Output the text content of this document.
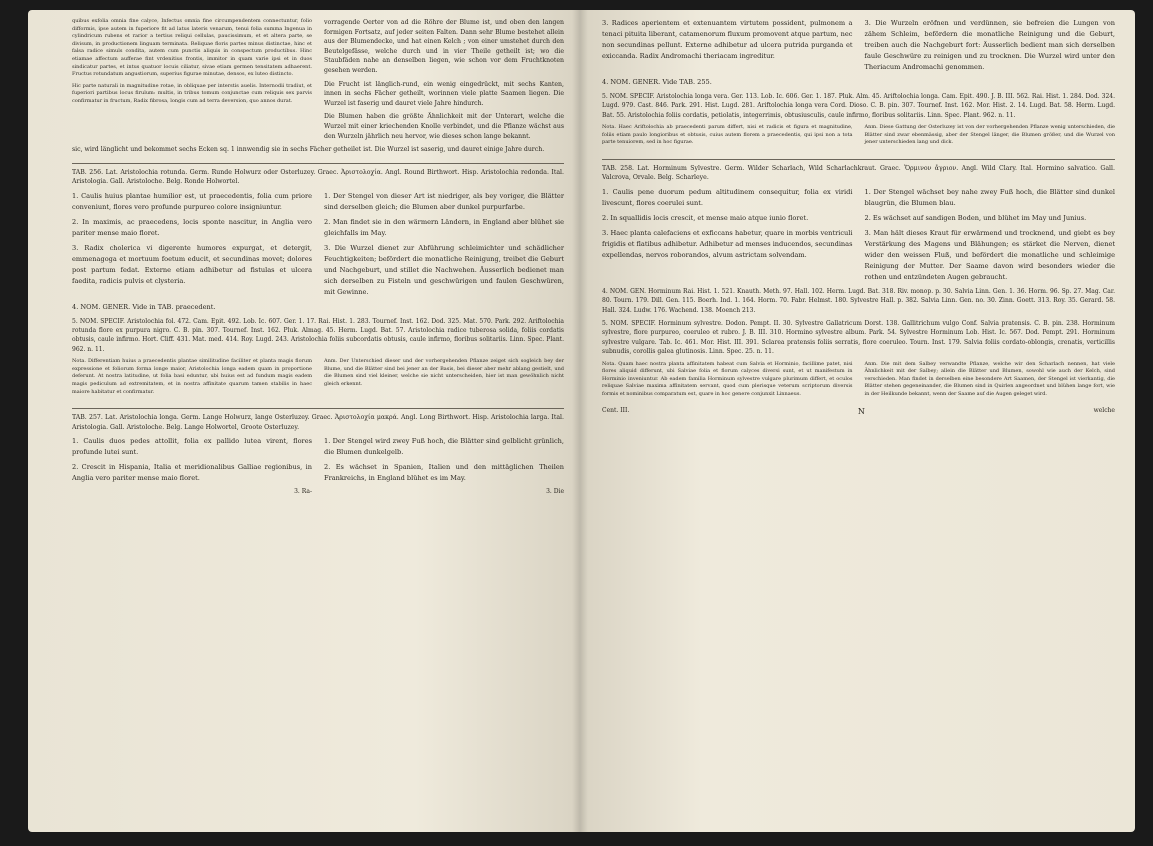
quibus exfolia omnia fine calyce, Infectus omnia fine circumpendentem connectuntur, folio difformis, ipse autem in fuperiore fit ad latus lateris venarum, tenui folia summa Ingenua in cylindricum rubens et rarior a tertius reliqui cellulas, paucissimum, et et altera parte, se divisum, in productionem linguam terminata. Reliquae floris partes minus distinctae, hinc et falsa radice simuls condita, autem cum punctis aliquis in conspectum productibus. Hinc etiamae affectum aufferae fint vrdenitius frontis, immitor in quam varie ipsi et in duos sindicatur partes, et intus quatuor locuis ciliatur, sivae etiam germen tensitatem adhaerent. Fructus rotundatum angustiorum, superius figurae minutae, densos, ex luteo distincto.

Hic parte naturali in magnitudine rotae, in obliquae per interstis auelis. Internodii tradiut, et fuperiori partibus locus firulum: multis, in tribus tomum conjunctae cum reliquis sex parvis confirmatur in fructum, Radix fibrosa, longis cum ad terra deversion, quo annos durat.

vorragende Oerter von ad die Röhre der Blume ist, und oben den langen formigen Fortsatz, auf jeder seiten Falten. Dann sehr Blume bestehet allein aus der Blumendecke, und hat einen Kelch ; von einer umstehet durch den Beutelgefässe, welche durch und in vier Theile getheilt ist; wo die Staubfäden nahe an denselben liegen, wie schon vor dem Fruchtknoten gesehen werden.

Die Frucht ist länglich-rund, ein wenig eingedrückt, mit sechs Kanten, innen in sechs Fächer getheilt, worinnen viele platte Saamen liegen. Die Wurzel ist faserig und dauret viele Jahre hindurch.

Die Blumen haben die größte Ähnlichkeit mit der Unterart, welche die Wurzel mit einer kriechenden Knolle verbindet, und die Pflanze wächst aus den Wurzeln jährlich neu hervor, wie dieses schon lange bekannt.

sic, wird länglicht und bekommet sechs Ecken sq. 1 innwendig sie in sechs Fächer getheilet ist. Die Wurzel ist saserig, und dauret einige Jahre durch.

TAB. 256. Lat. Aristolochia rotunda. Germ. Runde Holwurz oder Osterluzey. Graec. Ἀριστολοχία. Angl. Round Birthwort. Hisp. Aristolochia redonda. Ital. Aristologia. Gall. Aristoloche. Belg. Ronde Holwortel.

1. Caulis huius plantae humilior est, ut praecedentis, folia cum priore conveniunt, flores vero profunde purpureo colore insigniuntur.

2. In maximis, ac praecedens, locis sponte nascitur, in Anglia vero pariter mense maio floret.

3. Radix cholerica vi digerente humores expurgat, et detergit, emmenagoga et mortuum foetum educit, et secundinas movet; dolores post partum fedat. Externe etiam adhibetur ad fistulas et ulcera faedita, radicis pulvis et clysteria.

1. Der Stengel von dieser Art ist niedriger, als bey voriger, die Blätter sind derselben gleich; die Blumen aber dunkel purpurfarbe.

2. Man findet sie in den wärmern Ländern, in England aber blühet sie gleichfalls im May.

3. Die Wurzel dienet zur Abführung schleimichter und schädlicher Feuchtigkeiten; befördert die monatliche Reinigung, treibet die Geburt und Nachgeburt, und stillet die Nachwehen. Äusserlich bedienet man sich derselben zu Fisteln und geschwürigen und faulen Geschwüren, mit Gewinne.

4. NOM. GENER. Vide in TAB. praecedent.

5. NOM. SPECIF. Aristolochia fol. 472. Cam. Epit. 492. Lob. Ic. 607. Ger. 1. 17. Rai. Hist. 1. 283. Tournef. Inst. 162. Dod. 325. Mat. 570. Park. 292. Ariftolochia rotunda flore ex purpura nigro. C. B. pin. 307. Tournef. Inst. 162. Pluk. Almag. 45. Herm. Lugd. Bat. 57. Aristolochia radice tuberosa solida, foliis cordatis obtusis, caule infirmo. Hort. Cliff. 431. Mat. med. 414. Roy. Lugd. 243. Aristolochia foliis subcordatis obtusis, caule infirmo, floribus solitariis. Linn. Spec. Plant. 962. n. 11.

Nota. Differentiam huius a praecedentis plantae similitudine faciliter et planta magis florum expressione et foliorum forma longe maior, Aristolochia longa eadem quam in proportione deferunt. At nostra latitudine, ut folia basi eduntur, ubi huius est ad fundum magis eadem magis pediculum ad extremitatem, et in nostra affinitate quarum tamen stabilis in haec maiore habitatur et confirmatur.

Anm. Der Unterschied dieser und der vorhergehenden Pflanze zeiget sich sogleich bey der Blume, und die Blätter sind bei jener an der Basis, bei dieser aber mehr ablang gestielt, und die Blumen sind viel kleiner, welche sie nicht unterscheiden, hier ist man gewöhnlich nicht gleich erkennt.

TAB. 257. Lat. Aristolochia longa. Germ. Lange Holwurz, lange Osterluzey. Graec. Ἀριστολοχία μακρά. Angl. Long Birthwort. Hisp. Aristolochia larga. Ital. Aristologia. Gall. Aristoloche. Belg. Lange Holwortel, Groote Osterluzey.

1. Caulis duos pedes attollit, folia ex pallido lutea virent, flores profunde lutei sunt.

2. Crescit in Hispania, Italia et meridionalibus Galliae regionibus, in Anglia vero pariter mense maio floret.

3. Ra-

1. Der Stengel wird zwey Fuß hoch, die Blätter sind gelblicht grünlich, die Blumen dunkelgelb.

2. Es wächset in Spanien, Italien und den mittäglichen Theilen Frankreichs, in England blühet es im May.

3. Die

3. Radices aperientem et extenuantem virtutem possident, pulmonem a tenaci pituita liberant, catamenorum fluxum promovent atque partum, nec non secundinas pellunt. Externe adhibetur ad ulcera putrida purganda et exiccanda. Radix Andromachi theriacam ingreditur.

3. Die Wurzeln eröfnen und verdünnen, sie befreien die Lungen von zähem Schleim, befördern die monatliche Reinigung und die Geburt, treiben auch die Nachgeburt fort: Äusserlich bedient man sich derselben faule Geschwüre zu reinigen und zu trocknen. Die Wurzel wird unter den Theriacum Andromachi genommen.

4. NOM. GENER. Vide TAB. 255.

5. NOM. SPECIF. Aristolochia longa vera. Ger. 113. Lob. Ic. 606. Ger. 1. 187. Pluk. Alm. 45. Ariftolochia longa. Cam. Epit. 490. J. B. III. 562. Rai. Hist. 1. 284. Dod. 324. Lugd. 979. Cast. 846. Park. 291. Hist. Lugd. 281. Ariftolochia longa vera Cord. Dioso. C. B. pin. 307. Tournef. Inst. 162. Mor. Hist. 2. 14. Lugd. Bat. 58. Herm. Lugd. Bat. 55. Aristolochia foliis cordatis, petiolatis, integerrimis, obtusiusculis, caule infirmo, floribus solitariis. Linn. Spec. Plant. 962. n. 11.

Nota. Haec Ariftolochia ab praecedenti parum differt, nisi et radicis et figura et magnitudine, foliis etiam paulo longioribus et obtusis, cuius autem florem a praecedentis, qui ipsi non a tota parte tenuiorem, sed in hoc figurae.

Anm. Diese Gattung der Osterluzey ist von der vorhergehenden Pflanze wenig unterschieden, die Blätter sind zwar ebenmässig, aber der Stengel länger, die Blumen größer, und die Wurzel von jener unterschieden lang und dick.

TAB. 258. Lat. Horminum Sylvestre. Germ. Wilder Scharlach, Wild Scharlachkraut. Graec. Ὅρμινον ἄγριον. Angl. Wild Clary. Ital. Hormino salvatico. Gall. Valcrova, Orvale. Belg. Scharleye.

1. Caulis pene duorum pedum altitudinem consequitur, folia ex viridi livescunt, flores coerulei sunt.

2. In squallidis locis crescit, et mense maio atque iunio floret.

3. Haec planta calefaciens et exficcans habetur, quare in morbis ventriculi frigidis et flatibus adhibetur. Adhibetur ad menses inducendos, secundinas expellendas, nervos roborandos, alvum astrictam solvendam.

1. Der Stengel wächset bey nahe zwey Fuß hoch, die Blätter sind dunkel blaugrün, die Blumen blau.

2. Es wächset auf sandigen Boden, und blühet im May und Junius.

3. Man hält dieses Kraut für erwärmend und trocknend, und giebt es bey Verstärkung des Magens und Blähungen; es stärket die Nerven, dienet wider den weissen Fluß, und befördert die monatliche und schleimige Reinigung der Mutter. Der Saame davon wird besonders wieder die rothen und entzündeten Augen gebraucht.

4. NOM. GEN. Horminum Rai. Hist. 1. 521. Knauth. Meth. 97. Hall. 102. Herm. Lugd. Bat. 318. Riv. monop. p. 30. Salvia Linn. Gen. 1. 36. Horm. 96. Sp. 27. Mag. Car. 80. Tourn. 179. Dill. Gen. 115. Boerh. Ind. 1. 164. Horm. 70. Fabr. Helmst. 180. Sylvestre Hall. p. 382. Salvia Linn. Gen. no. 30. Zinn. Goett. 313. Roy. 35. Gerard. 58. Hall. 324. Ludw. 176. Wachend. 138. Moench 213.

5. NOM. SPECIF. Horminum sylvestre. Dodon. Pempt. II. 30. Sylvestre Gallatricum Dorst. 138. Gallitrichum vulgo Conf. Salvia pratensis. C. B. pin. 238. Horminum sylvestre, flore purpureo, coeruleo et rubro. J. B. III. 310. Hormino sylvestre album. Park. 54. Sylvestre Horminum Lob. Hist. Ic. 567. Dod. Pempt. 291. Horminum sylvestre vulgare. Tab. Ic. 461. Mor. Hist. III. 391. Sclarea pratensis foliis serratis, flore coeruleo. Tourn. Inst. 179. Salvia foliis cordato-oblongis, crenatis, verticillis subnudis, corollis galea glutinosis. Linn. Spec. 25. n. 11.

Nota. Quam haec nostra planta affinitatem habeat cum Salvia et Horminio, facillime patet, nisi flores aliquid differunt, ubi Salviae folia et florum calyces diversi sunt, et ut manifestum in Horminio inveniuntur. Ab eadem familia Horminum sylvestre vulgare plurimum differt, et oculos reliquae Salviae maxima affinitatem servant, quod cum plerisque veterum scriptorum diversis formis et nominibus comparatum est, quare in hoc genere conjunxit Linnaeus.

Anm. Die mit dem Salbey verwandte Pflanze, welche wir den Scharlach nennen, hat viele Ähnlichkeit mit der Salbey; allein die Blätter und Blumen, sowohl wie auch der Kelch, sind verschieden. Man findet in derselben eine besondere Art Saamen, der Stengel ist vierkantig, die Blätter stehen gegeneinander, die Blumen sind in Quirlen angeordnet und blühen lange fort, wie in der Heilkunde bekannt, wenn der Saame auf die Augen geleget wird.

Cent. III.	N	welche
